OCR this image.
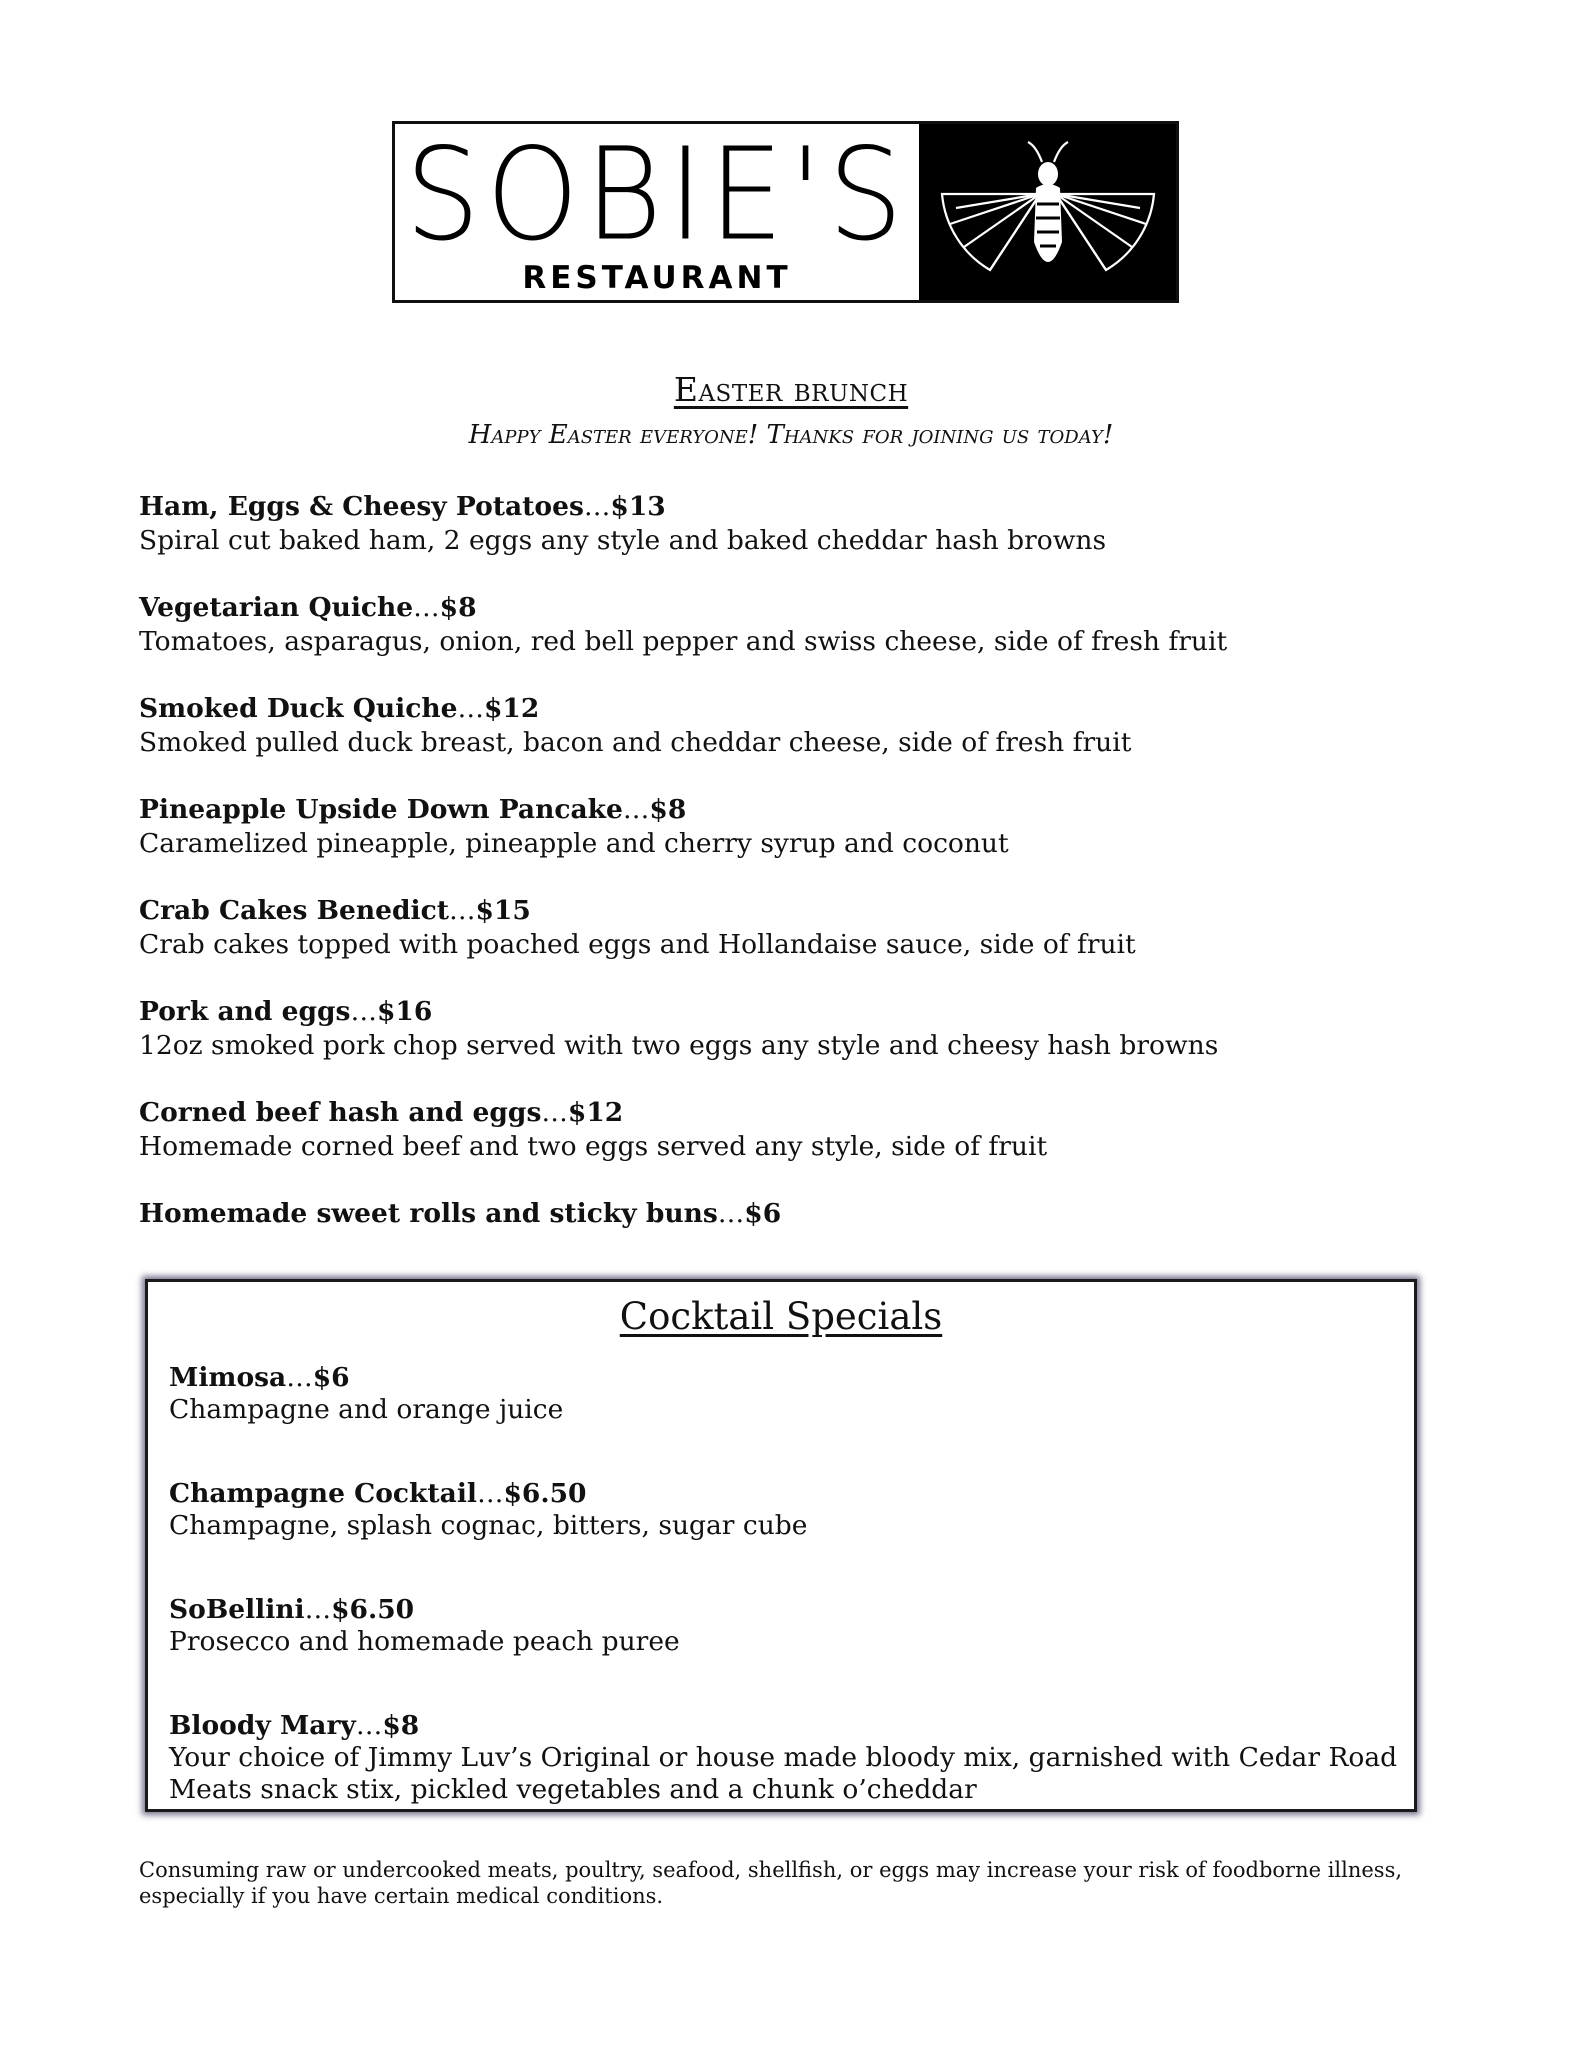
SOBIE'S
RESTAURANT
Easter brunch
Happy Easter everyone! Thanks for joining us today!
Ham, Eggs & Cheesy Potatoes…$13
Spiral cut baked ham, 2 eggs any style and baked cheddar hash browns
Vegetarian Quiche…$8
Tomatoes, asparagus, onion, red bell pepper and swiss cheese, side of fresh fruit
Smoked Duck Quiche…$12
Smoked pulled duck breast, bacon and cheddar cheese, side of fresh fruit
Pineapple Upside Down Pancake…$8
Caramelized pineapple, pineapple and cherry syrup and coconut
Crab Cakes Benedict…$15
Crab cakes topped with poached eggs and Hollandaise sauce, side of fruit
Pork and eggs…$16
12oz smoked pork chop served with two eggs any style and cheesy hash browns
Corned beef hash and eggs…$12
Homemade corned beef and two eggs served any style, side of fruit
Homemade sweet rolls and sticky buns…$6
Cocktail Specials
Mimosa…$6
Champagne and orange juice
Champagne Cocktail…$6.50
Champagne, splash cognac, bitters, sugar cube
SoBellini…$6.50
Prosecco and homemade peach puree
Bloody Mary…$8
Your choice of Jimmy Luv’s Original or house made bloody mix, garnished with Cedar Road Meats snack stix, pickled vegetables and a chunk o’cheddar
Consuming raw or undercooked meats, poultry, seafood, shellfish, or eggs may increase your risk of foodborne illness, especially if you have certain medical conditions.
